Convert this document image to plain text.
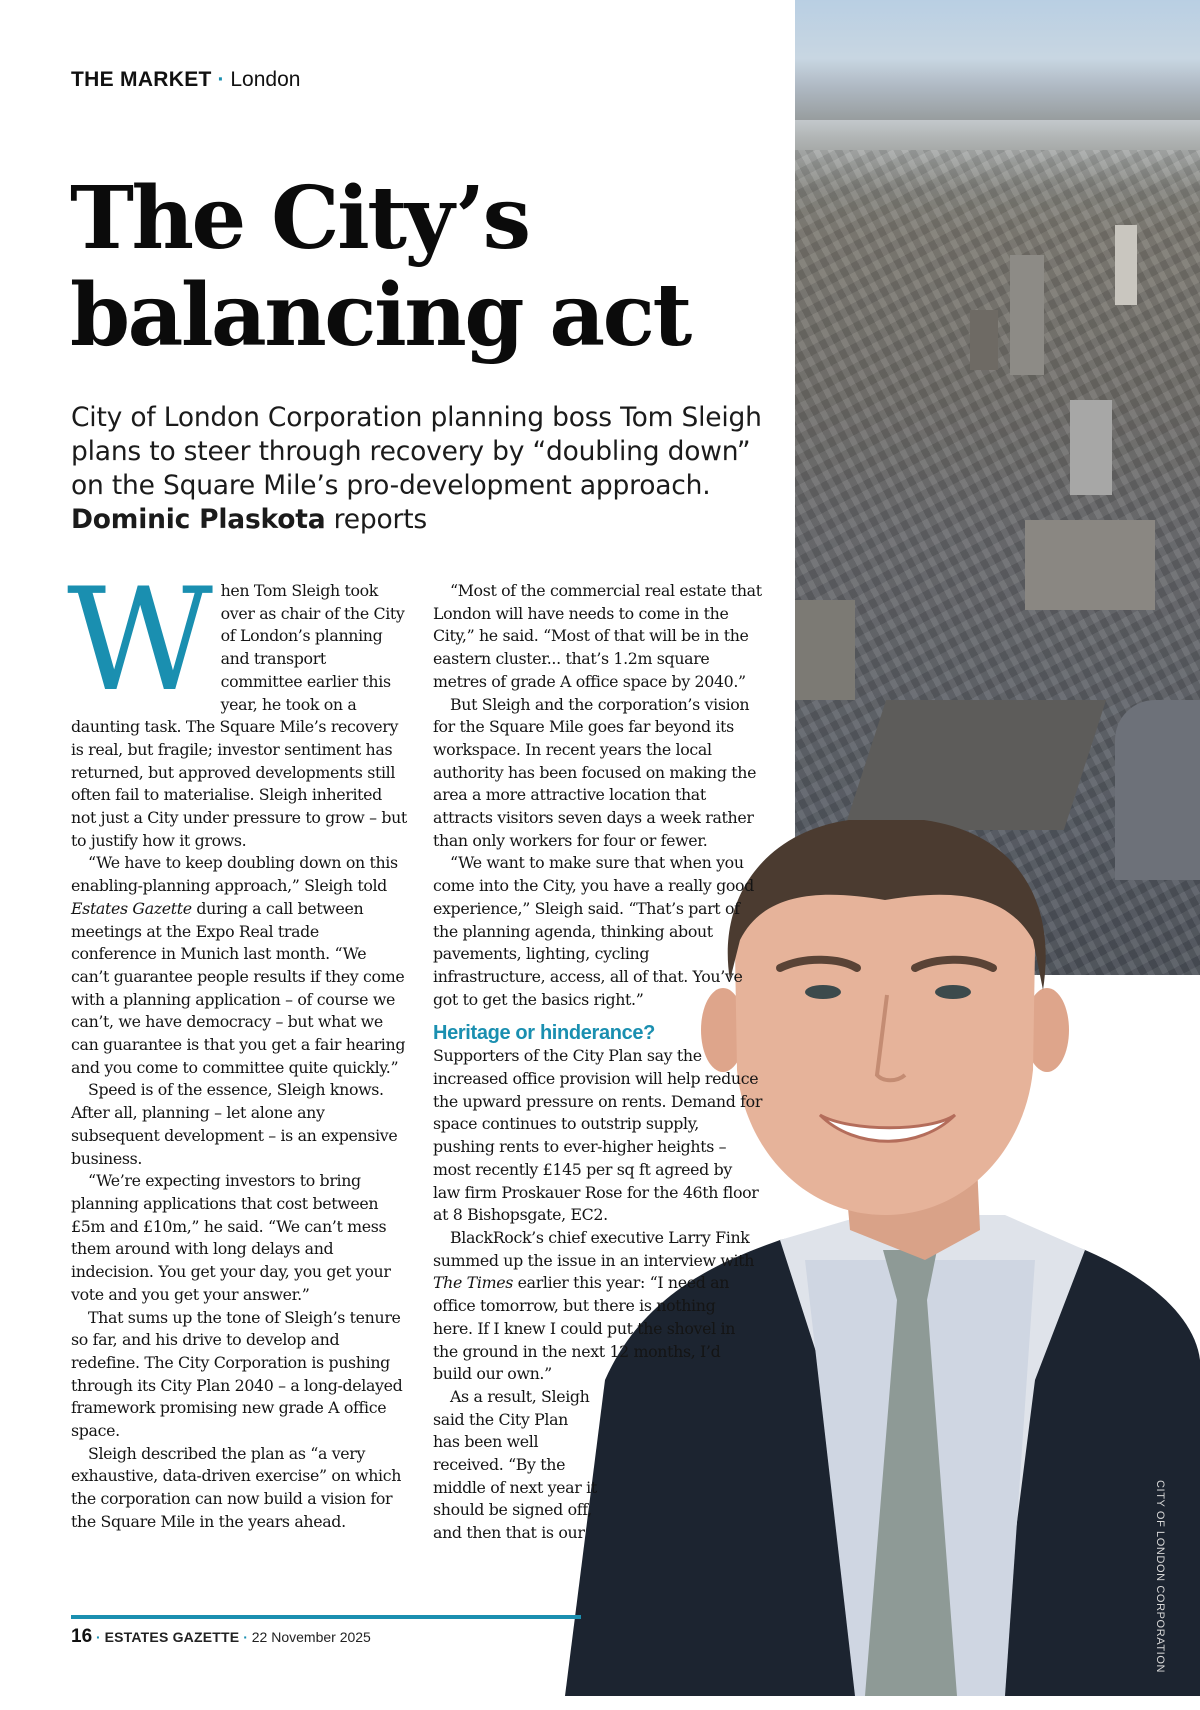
THE MARKET · London
The City’s
balancing act
City of London Corporation planning boss Tom Sleigh plans to steer through recovery by “doubling down” on the Square Mile’s pro-development approach.
Dominic Plaskota reports

When Tom Sleigh took over as chair of the City of London’s planning and transport committee earlier this year, he took on a daunting task. The Square Mile’s recovery is real, but fragile; investor sentiment has returned, but approved developments still often fail to materialise. Sleigh inherited not just a City under pressure to grow – but to justify how it grows.

“We have to keep doubling down on this enabling-planning approach,” Sleigh told Estates Gazette during a call between meetings at the Expo Real trade conference in Munich last month. “We can’t guarantee people results if they come with a planning application – of course we can’t, we have democracy – but what we can guarantee is that you get a fair hearing and you come to committee quite quickly.”

Speed is of the essence, Sleigh knows. After all, planning – let alone any subsequent development – is an expensive business.

“We’re expecting investors to bring planning applications that cost between £5m and £10m,” he said. “We can’t mess them around with long delays and indecision. You get your day, you get your vote and you get your answer.”

That sums up the tone of Sleigh’s tenure so far, and his drive to develop and redefine. The City Corporation is pushing through its City Plan 2040 – a long-delayed framework promising new grade A office space.

Sleigh described the plan as “a very exhaustive, data-driven exercise” on which the corporation can now build a vision for the Square Mile in the years ahead.

“Most of the commercial real estate that London will have needs to come in the City,” he said. “Most of that will be in the eastern cluster... that’s 1.2m square metres of grade A office space by 2040.”

But Sleigh and the corporation’s vision for the Square Mile goes far beyond its workspace. In recent years the local authority has been focused on making the area a more attractive location that attracts visitors seven days a week rather than only workers for four or fewer.

“We want to make sure that when you come into the City, you have a really good experience,” Sleigh said. “That’s part of the planning agenda, thinking about pavements, lighting, cycling infrastructure, access, all of that. You’ve got to get the basics right.”

Heritage or hinderance?

Supporters of the City Plan say the increased office provision will help reduce the upward pressure on rents. Demand for space continues to outstrip supply, pushing rents to ever-higher heights – most recently £145 per sq ft agreed by law firm Proskauer Rose for the 46th floor at 8 Bishopsgate, EC2.

BlackRock’s chief executive Larry Fink summed up the issue in an interview with The Times earlier this year: “I need an office tomorrow, but there is nothing here. If I knew I could put the shovel in the ground in the next 12 months, I’d build our own.”

As a result, Sleigh said the City Plan has been well received. “By the middle of next year it should be signed off, and then that is our

16 · ESTATES GAZETTE · 22 November 2025	CITY OF LONDON CORPORATION
